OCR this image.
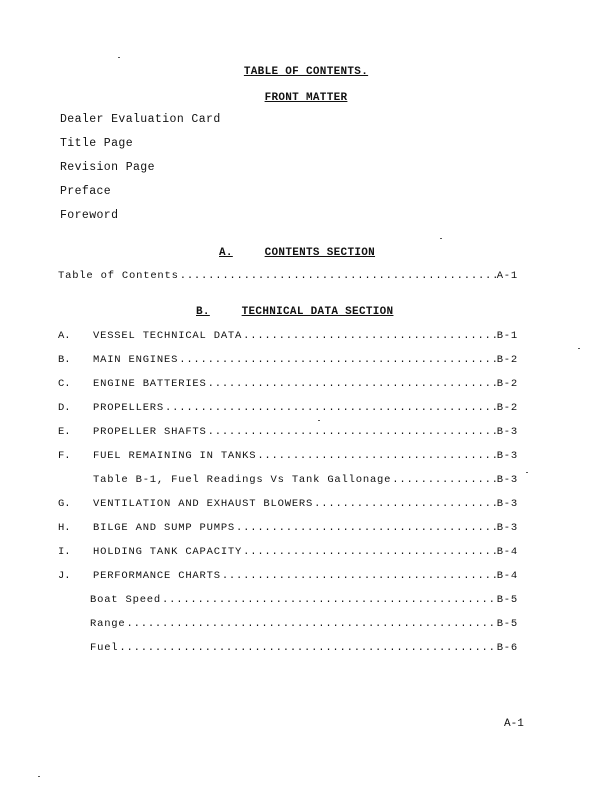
TABLE OF CONTENTS.
FRONT MATTER
Dealer Evaluation Card
Title Page
Revision Page
Preface
Foreword
A.	CONTENTS SECTION
Table of Contents .....	A-1
B.	TECHNICAL DATA SECTION
A. VESSEL TECHNICAL DATA .....	B-1
B. MAIN ENGINES .....	B-2
C. ENGINE BATTERIES .....	B-2
D. PROPELLERS .....	B-2
E. PROPELLER SHAFTS .....	B-3
F. FUEL REMAINING IN TANKS .....	B-3
Table B-1, Fuel Readings Vs Tank Gallonage .....	B-3
G. VENTILATION AND EXHAUST BLOWERS .....	B-3
H. BILGE AND SUMP PUMPS .....	B-3
I. HOLDING TANK CAPACITY .....	B-4
J. PERFORMANCE CHARTS .....	B-4
Boat Speed .....	B-5
Range .....	B-5
Fuel .....	B-6
A-1
